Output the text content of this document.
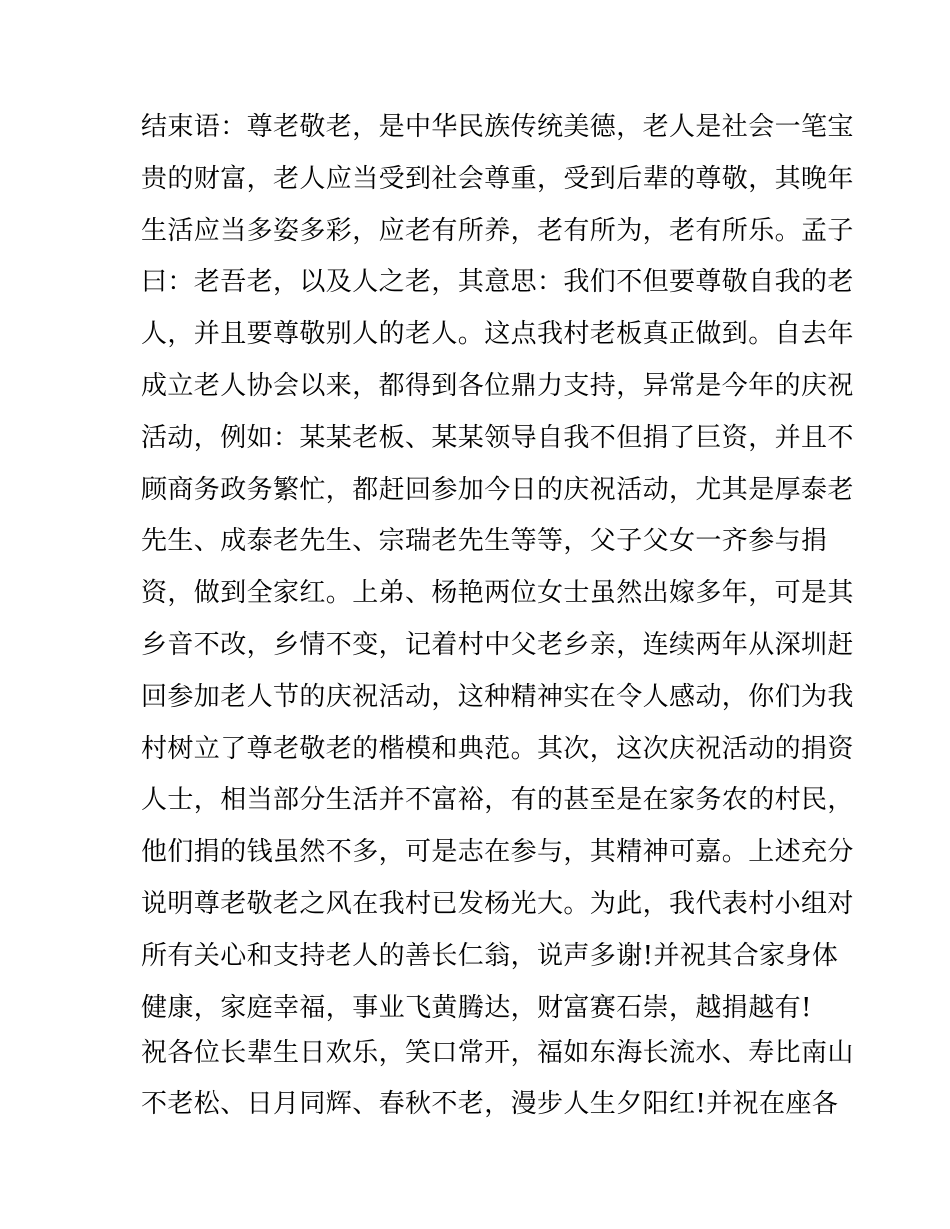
结束语：尊老敬老，是中华民族传统美德，老人是社会一笔宝
贵的财富，老人应当受到社会尊重，受到后辈的尊敬，其晚年
生活应当多姿多彩，应老有所养，老有所为，老有所乐。孟子
曰：老吾老，以及人之老，其意思：我们不但要尊敬自我的老
人，并且要尊敬别人的老人。这点我村老板真正做到。自去年
成立老人协会以来，都得到各位鼎力支持，异常是今年的庆祝
活动，例如：某某老板、某某领导自我不但捐了巨资，并且不
顾商务政务繁忙，都赶回参加今日的庆祝活动，尤其是厚泰老
先生、成泰老先生、宗瑞老先生等等，父子父女一齐参与捐
资，做到全家红。上弟、杨艳两位女士虽然出嫁多年，可是其
乡音不改，乡情不变，记着村中父老乡亲，连续两年从深圳赶
回参加老人节的庆祝活动，这种精神实在令人感动，你们为我
村树立了尊老敬老的楷模和典范。其次，这次庆祝活动的捐资
人士，相当部分生活并不富裕，有的甚至是在家务农的村民，
他们捐的钱虽然不多，可是志在参与，其精神可嘉。上述充分
说明尊老敬老之风在我村已发杨光大。为此，我代表村小组对
所有关心和支持老人的善长仁翁，说声多谢!并祝其合家身体
健康，家庭幸福，事业飞黄腾达，财富赛石崇，越捐越有!
祝各位长辈生日欢乐，笑口常开，福如东海长流水、寿比南山
不老松、日月同辉、春秋不老，漫步人生夕阳红!并祝在座各
